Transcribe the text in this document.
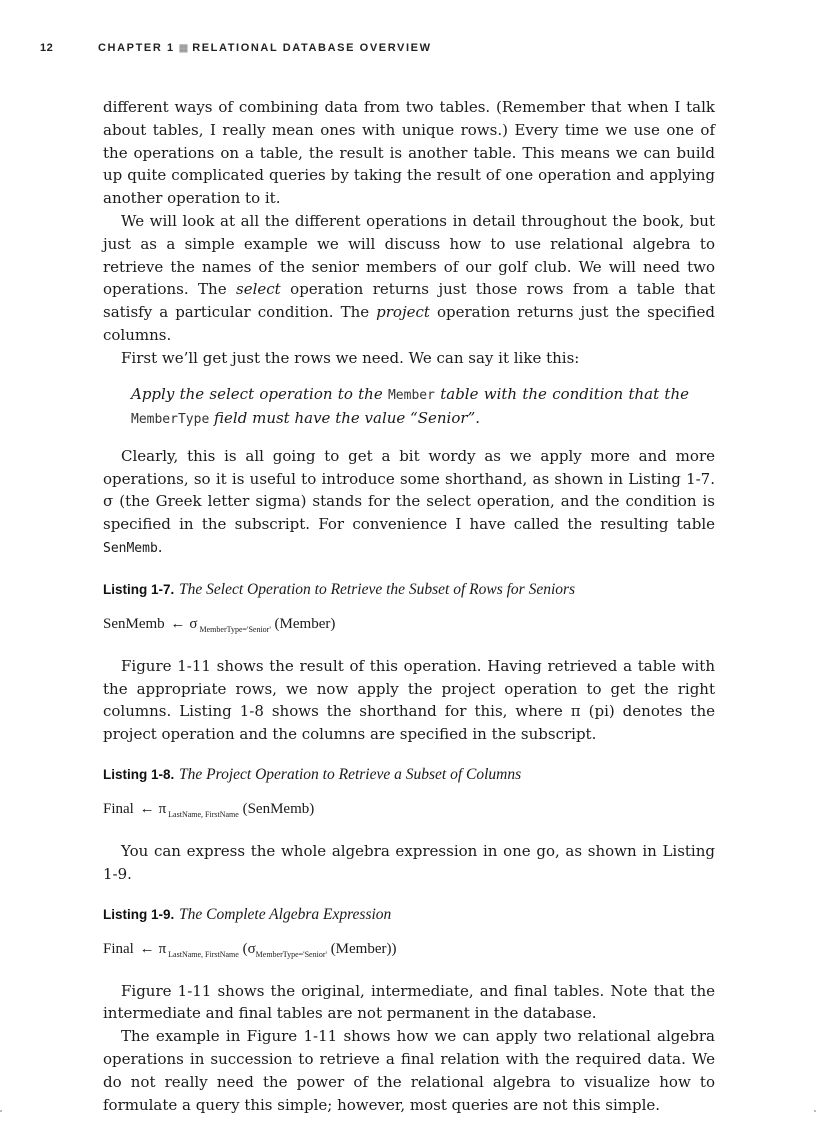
12	CHAPTER 1 ▦ RELATIONAL DATABASE OVERVIEW

different ways of combining data from two tables. (Remember that when I talk about tables, I really mean ones with unique rows.) Every time we use one of the operations on a table, the result is another table. This means we can build up quite complicated queries by taking the result of one operation and applying another operation to it.

We will look at all the different operations in detail throughout the book, but just as a simple example we will discuss how to use relational algebra to retrieve the names of the senior members of our golf club. We will need two operations. The select operation returns just those rows from a table that satisfy a particular condition. The project operation returns just the specified columns.

First we’ll get just the rows we need. We can say it like this:

Apply the select operation to the Member table with the condition that the MemberType field must have the value “Senior”.

Clearly, this is all going to get a bit wordy as we apply more and more operations, so it is useful to introduce some shorthand, as shown in Listing 1-7. σ (the Greek letter sigma) stands for the select operation, and the condition is specified in the subscript. For convenience I have called the resulting table SenMemb.

Listing 1-7. The Select Operation to Retrieve the Subset of Rows for Seniors
SenMemb ← σ $_{MemberType='Senior'}$ (Member)

Figure 1-11 shows the result of this operation. Having retrieved a table with the appropriate rows, we now apply the project operation to get the right columns. Listing 1-8 shows the shorthand for this, where π (pi) denotes the project operation and the columns are specified in the subscript.

Listing 1-8. The Project Operation to Retrieve a Subset of Columns
Final ← π $_{LastName, FirstName}$ (SenMemb)

You can express the whole algebra expression in one go, as shown in Listing 1-9.

Listing 1-9. The Complete Algebra Expression
Final ← π $_{LastName, FirstName}$ ($\sigma_{MemberType='Senior'}$ (Member))

Figure 1-11 shows the original, intermediate, and final tables. Note that the intermediate and final tables are not permanent in the database.

The example in Figure 1-11 shows how we can apply two relational algebra operations in succession to retrieve a final relation with the required data. We do not really need the power of the relational algebra to visualize how to formulate a query this simple; however, most queries are not this simple.
